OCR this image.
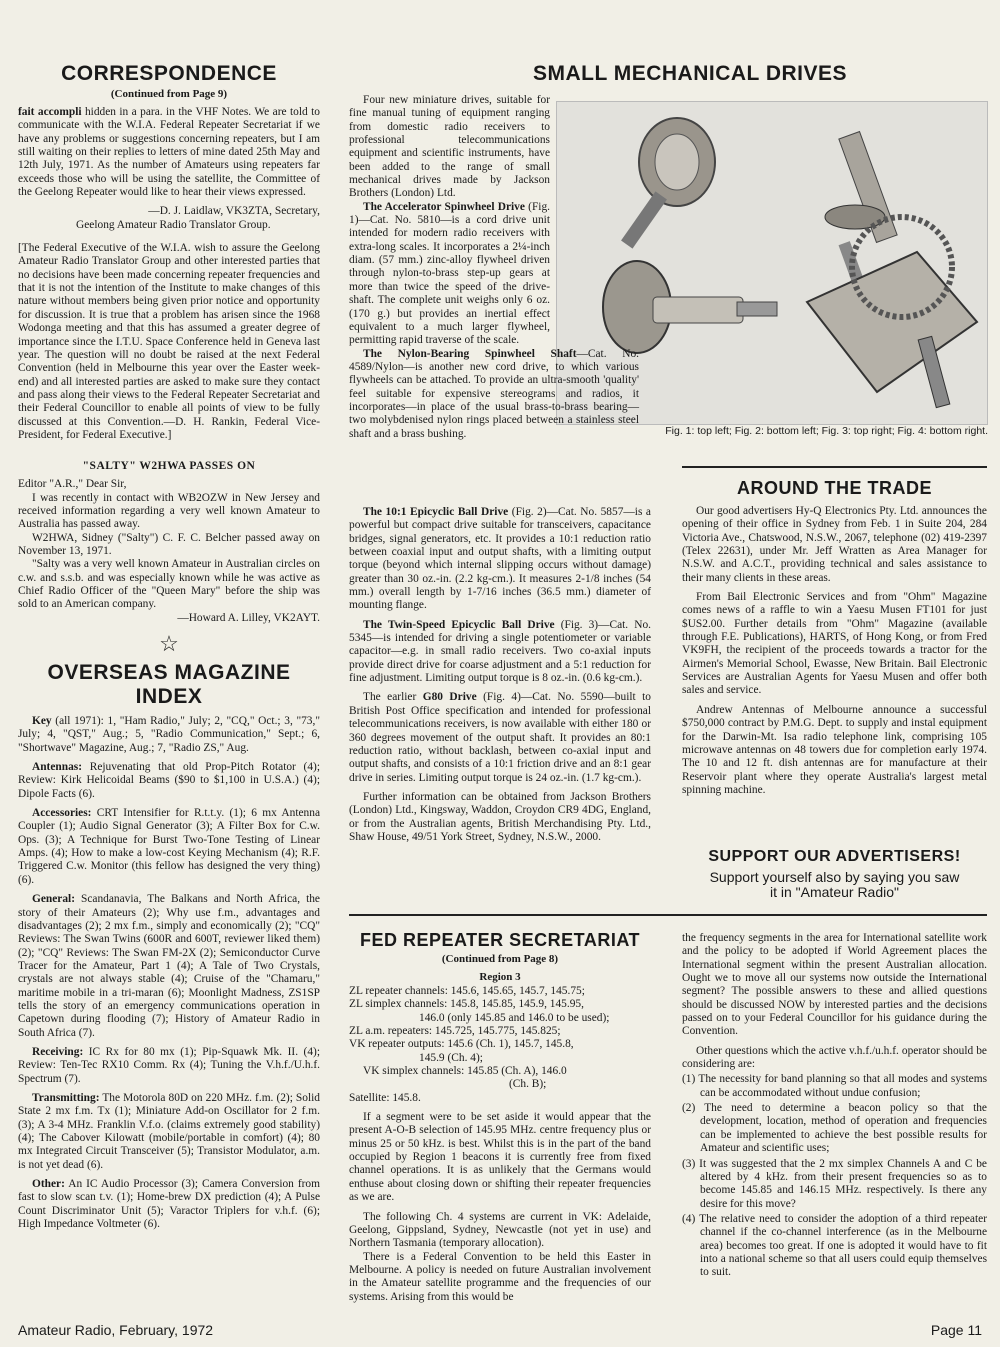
CORRESPONDENCE
(Continued from Page 9)

fait accompli hidden in a para. in the VHF Notes. We are told to communicate with the W.I.A. Federal Repeater Secretariat if we have any problems or suggestions concerning repeaters, but I am still waiting on their replies to letters of mine dated 25th May and 12th July, 1971. As the number of Amateurs using repeaters far exceeds those who will be using the satellite, the Committee of the Geelong Repeater would like to hear their views expressed.

—D. J. Laidlaw, VK3ZTA, Secretary,

Geelong Amateur Radio Translator Group.

[The Federal Executive of the W.I.A. wish to assure the Geelong Amateur Radio Translator Group and other interested parties that no decisions have been made concerning repeater frequencies and that it is not the intention of the Institute to make changes of this nature without members being given prior notice and opportunity for discussion. It is true that a problem has arisen since the 1968 Wodonga meeting and that this has assumed a greater degree of importance since the I.T.U. Space Conference held in Geneva last year. The question will no doubt be raised at the next Federal Convention (held in Melbourne this year over the Easter week-end) and all interested parties are asked to make sure they contact and pass along their views to the Federal Repeater Secretariat and their Federal Councillor to enable all points of view to be fully discussed at this Convention.—D. H. Rankin, Federal Vice-President, for Federal Executive.]

"SALTY" W2HWA PASSES ON

Editor "A.R.," Dear Sir,

I was recently in contact with WB2OZW in New Jersey and received information regarding a very well known Amateur to Australia has passed away.

W2HWA, Sidney ("Salty") C. F. C. Belcher passed away on November 13, 1971.

"Salty was a very well known Amateur in Australian circles on c.w. and s.s.b. and was especially known while he was active as Chief Radio Officer of the "Queen Mary" before the ship was sold to an American company.

—Howard A. Lilley, VK2AYT.

☆
OVERSEAS MAGAZINE INDEX

Key (all 1971): 1, "Ham Radio," July; 2, "CQ," Oct.; 3, "73," July; 4, "QST," Aug.; 5, "Radio Communication," Sept.; 6, "Shortwave" Magazine, Aug.; 7, "Radio ZS," Aug.

Antennas: Rejuvenating that old Prop-Pitch Rotator (4); Review: Kirk Helicoidal Beams ($90 to $1,100 in U.S.A.) (4); Dipole Facts (6).

Accessories: CRT Intensifier for R.t.t.y. (1); 6 mx Antenna Coupler (1); Audio Signal Generator (3); A Filter Box for C.w. Ops. (3); A Technique for Burst Two-Tone Testing of Linear Amps. (4); How to make a low-cost Keying Mechanism (4); R.F. Triggered C.w. Monitor (this fellow has designed the very thing) (6).

General: Scandanavia, The Balkans and North Africa, the story of their Amateurs (2); Why use f.m., advantages and disadvantages (2); 2 mx f.m., simply and economically (2); "CQ" Reviews: The Swan Twins (600R and 600T, reviewer liked them) (2); "CQ" Reviews: The Swan FM-2X (2); Semiconductor Curve Tracer for the Amateur, Part 1 (4); A Tale of Two Crystals, crystals are not always stable (4); Cruise of the "Chamaru," maritime mobile in a tri-maran (6); Moonlight Madness, ZS1SP tells the story of an emergency communications operation in Capetown during flooding (7); History of Amateur Radio in South Africa (7).

Receiving: IC Rx for 80 mx (1); Pip-Squawk Mk. II. (4); Review: Ten-Tec RX10 Comm. Rx (4); Tuning the V.h.f./U.h.f. Spectrum (7).

Transmitting: The Motorola 80D on 220 MHz. f.m. (2); Solid State 2 mx f.m. Tx (1); Miniature Add-on Oscillator for 2 f.m. (3); A 3-4 MHz. Franklin V.f.o. (claims extremely good stability) (4); The Cabover Kilowatt (mobile/portable in comfort) (4); 80 mx Integrated Circuit Transceiver (5); Transistor Modulator, a.m. is not yet dead (6).

Other: An IC Audio Processor (3); Camera Conversion from fast to slow scan t.v. (1); Home-brew DX prediction (4); A Pulse Count Discriminator Unit (5); Varactor Triplers for v.h.f. (6); High Impedance Voltmeter (6).

SMALL MECHANICAL DRIVES
Fig. 1: top left; Fig. 2: bottom left; Fig. 3: top right; Fig. 4: bottom right.

Four new miniature drives, suitable for fine manual tuning of equipment ranging from domestic radio receivers to professional telecommunications equipment and scientific instruments, have been added to the range of small mechanical drives made by Jackson Brothers (London) Ltd.

The Accelerator Spinwheel Drive (Fig. 1)—Cat. No. 5810—is a cord drive unit intended for modern radio receivers with extra-long scales. It incorporates a 2¼-inch diam. (57 mm.) zinc-alloy flywheel driven through nylon-to-brass step-up gears at more than twice the speed of the drive-shaft. The complete unit weighs only 6 oz. (170 g.) but provides an inertial effect equivalent to a much larger flywheel, permitting rapid traverse of the scale.

The Nylon-Bearing Spinwheel Shaft—Cat. No. 4589/Nylon—is another new cord drive, to which various flywheels can be attached. To provide an ultra-smooth 'quality' feel suitable for expensive stereograms and radios, it incorporates—in place of the usual brass-to-brass bearing—two molybdenised nylon rings placed between a stainless steel shaft and a brass bushing.

The 10:1 Epicyclic Ball Drive (Fig. 2)—Cat. No. 5857—is a powerful but compact drive suitable for transceivers, capacitance bridges, signal generators, etc. It provides a 10:1 reduction ratio between coaxial input and output shafts, with a limiting output torque (beyond which internal slipping occurs without damage) greater than 30 oz.-in. (2.2 kg-cm.). It measures 2-1/8 inches (54 mm.) overall length by 1-7/16 inches (36.5 mm.) diameter of mounting flange.

The Twin-Speed Epicyclic Ball Drive (Fig. 3)—Cat. No. 5345—is intended for driving a single potentiometer or variable capacitor—e.g. in small radio receivers. Two co-axial inputs provide direct drive for coarse adjustment and a 5:1 reduction for fine adjustment. Limiting output torque is 8 oz.-in. (0.6 kg-cm.).

The earlier G80 Drive (Fig. 4)—Cat. No. 5590—built to British Post Office specification and intended for professional telecommunications receivers, is now available with either 180 or 360 degrees movement of the output shaft. It provides an 80:1 reduction ratio, without backlash, between co-axial input and output shafts, and consists of a 10:1 friction drive and an 8:1 gear drive in series. Limiting output torque is 24 oz.-in. (1.7 kg-cm.).

Further information can be obtained from Jackson Brothers (London) Ltd., Kingsway, Waddon, Croydon CR9 4DG, England, or from the Australian agents, British Merchandising Pty. Ltd., Shaw House, 49/51 York Street, Sydney, N.S.W., 2000.

AROUND THE TRADE

Our good advertisers Hy-Q Electronics Pty. Ltd. announces the opening of their office in Sydney from Feb. 1 in Suite 204, 284 Victoria Ave., Chatswood, N.S.W., 2067, telephone (02) 419-2397 (Telex 22631), under Mr. Jeff Wratten as Area Manager for N.S.W. and A.C.T., providing technical and sales assistance to their many clients in these areas.

From Bail Electronic Services and from "Ohm" Magazine comes news of a raffle to win a Yaesu Musen FT101 for just $US2.00. Further details from "Ohm" Magazine (available through F.E. Publications), HARTS, of Hong Kong, or from Fred VK9FH, the recipient of the proceeds towards a tractor for the Airmen's Memorial School, Ewasse, New Britain. Bail Electronic Services are Australian Agents for Yaesu Musen and offer both sales and service.

Andrew Antennas of Melbourne announce a successful $750,000 contract by P.M.G. Dept. to supply and instal equipment for the Darwin-Mt. Isa radio telephone link, comprising 105 microwave antennas on 48 towers due for completion early 1974. The 10 and 12 ft. dish antennas are for manufacture at their Reservoir plant where they operate Australia's largest metal spinning machine.

SUPPORT OUR ADVERTISERS!
Support yourself also by saying you saw
it in "Amateur Radio"
FED REPEATER SECRETARIAT
(Continued from Page 8)
Region 3

ZL repeater channels: 145.6, 145.65, 145.7, 145.75;

ZL simplex channels: 145.8, 145.85, 145.9, 145.95,

146.0 (only 145.85 and 146.0 to be used);

ZL a.m. repeaters: 145.725, 145.775, 145.825;

VK repeater outputs: 145.6 (Ch. 1), 145.7, 145.8,

145.9 (Ch. 4);

VK simplex channels: 145.85 (Ch. A), 146.0

(Ch. B);

Satellite: 145.8.

If a segment were to be set aside it would appear that the present A-O-B selection of 145.95 MHz. centre frequency plus or minus 25 or 50 kHz. is best. Whilst this is in the part of the band occupied by Region 1 beacons it is currently free from fixed channel operations. It is as unlikely that the Germans would enthuse about closing down or shifting their repeater frequencies as we are.

The following Ch. 4 systems are current in VK: Adelaide, Geelong, Gippsland, Sydney, Newcastle (not yet in use) and Northern Tasmania (temporary allocation).

There is a Federal Convention to be held this Easter in Melbourne. A policy is needed on future Australian involvement in the Amateur satellite programme and the frequencies of our systems. Arising from this would be

the frequency segments in the area for International satellite work and the policy to be adopted if World Agreement places the International segment within the present Australian allocation. Ought we to move all our systems now outside the International segment? The possible answers to these and allied questions should be discussed NOW by interested parties and the decisions passed on to your Federal Councillor for his guidance during the Convention.

Other questions which the active v.h.f./u.h.f. operator should be considering are:

(1) The necessity for band planning so that all modes and systems can be accommodated without undue confusion;
(2) The need to determine a beacon policy so that the development, location, method of operation and frequencies can be implemented to achieve the best possible results for Amateur and scientific uses;
(3) It was suggested that the 2 mx simplex Channels A and C be altered by 4 kHz. from their present frequencies so as to become 145.85 and 146.15 MHz. respectively. Is there any desire for this move?
(4) The relative need to consider the adoption of a third repeater channel if the co-channel interference (as in the Melbourne area) becomes too great. If one is adopted it would have to fit into a national scheme so that all users could equip themselves to suit.
Amateur Radio, February, 1972	Page 11
